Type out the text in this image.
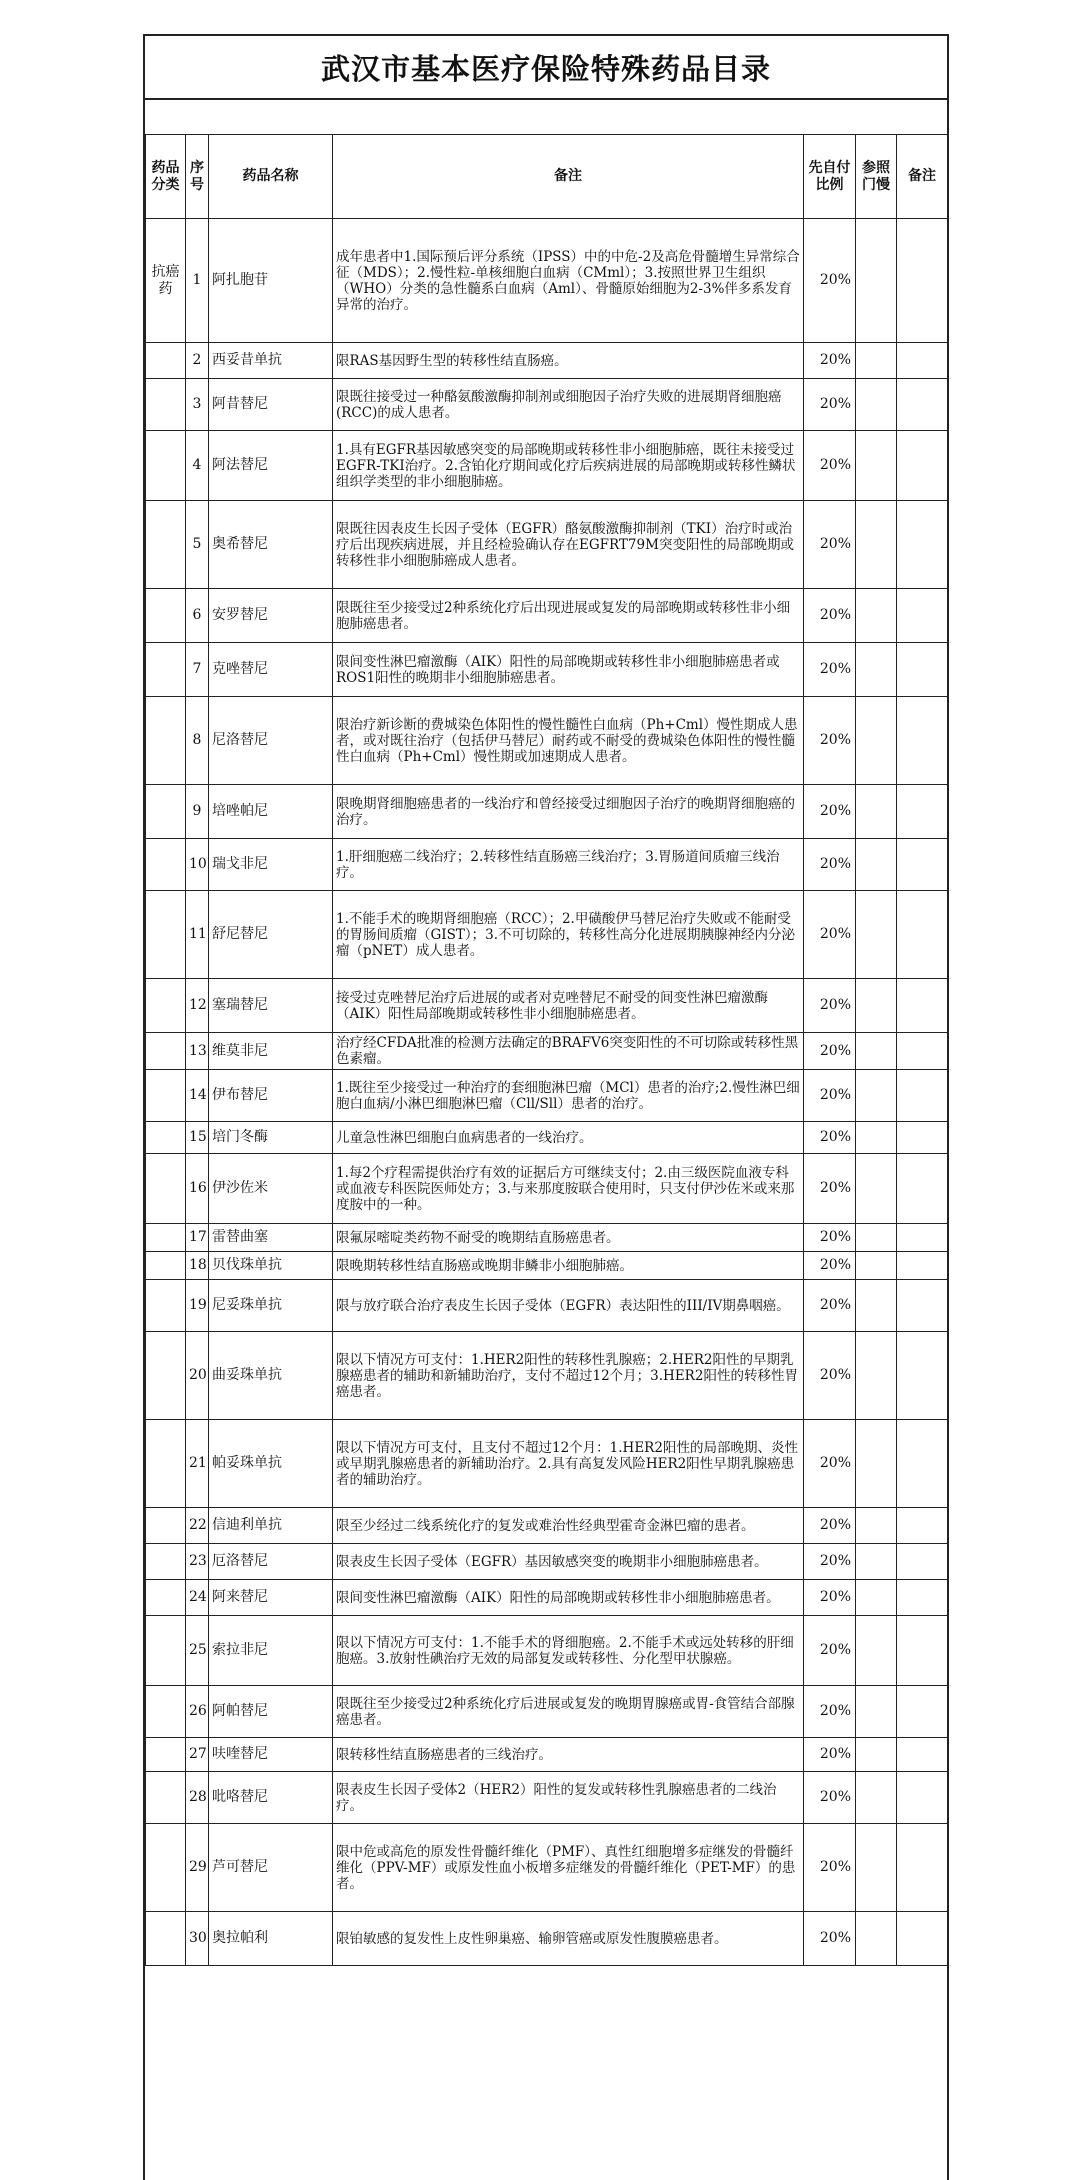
武汉市基本医疗保险特殊药品目录
药品分类	序号	药品名称	备注	先自付比例	参照门慢	备注
抗癌药	1	阿扎胞苷	成年患者中1.国际预后评分系统（IPSS）中的中危-2及高危骨髓增生异常综合征（MDS）；2.慢性粒-单核细胞白血病（CMml）；3.按照世界卫生组织（WHO）分类的急性髓系白血病（Aml）、骨髓原始细胞为2-3%伴多系发育异常的治疗。	20%		
	2	西妥昔单抗	限RAS基因野生型的转移性结直肠癌。	20%		
	3	阿昔替尼	限既往接受过一种酪氨酸激酶抑制剂或细胞因子治疗失败的进展期肾细胞癌(RCC)的成人患者。	20%		
	4	阿法替尼	1.具有EGFR基因敏感突变的局部晚期或转移性非小细胞肺癌，既往未接受过EGFR-TKI治疗。2.含铂化疗期间或化疗后疾病进展的局部晚期或转移性鳞状组织学类型的非小细胞肺癌。	20%		
	5	奥希替尼	限既往因表皮生长因子受体（EGFR）酪氨酸激酶抑制剂（TKI）治疗时或治疗后出现疾病进展，并且经检验确认存在EGFRT79M突变阳性的局部晚期或转移性非小细胞肺癌成人患者。	20%		
	6	安罗替尼	限既往至少接受过2种系统化疗后出现进展或复发的局部晚期或转移性非小细胞肺癌患者。	20%		
	7	克唑替尼	限间变性淋巴瘤激酶（AIK）阳性的局部晚期或转移性非小细胞肺癌患者或ROS1阳性的晚期非小细胞肺癌患者。	20%		
	8	尼洛替尼	限治疗新诊断的费城染色体阳性的慢性髓性白血病（Ph+Cml）慢性期成人患者，或对既往治疗（包括伊马替尼）耐药或不耐受的费城染色体阳性的慢性髓性白血病（Ph+Cml）慢性期或加速期成人患者。	20%		
	9	培唑帕尼	限晚期肾细胞癌患者的一线治疗和曾经接受过细胞因子治疗的晚期肾细胞癌的治疗。	20%		
	10	瑞戈非尼	1.肝细胞癌二线治疗；2.转移性结直肠癌三线治疗；3.胃肠道间质瘤三线治疗。	20%		
	11	舒尼替尼	1.不能手术的晚期肾细胞癌（RCC）；2.甲磺酸伊马替尼治疗失败或不能耐受的胃肠间质瘤（GIST）；3.不可切除的，转移性高分化进展期胰腺神经内分泌瘤（pNET）成人患者。	20%		
	12	塞瑞替尼	接受过克唑替尼治疗后进展的或者对克唑替尼不耐受的间变性淋巴瘤激酶（AIK）阳性局部晚期或转移性非小细胞肺癌患者。	20%		
	13	维莫非尼	治疗经CFDA批准的检测方法确定的BRAFV6突变阳性的不可切除或转移性黑色素瘤。	20%		
	14	伊布替尼	1.既往至少接受过一种治疗的套细胞淋巴瘤（MCl）患者的治疗;2.慢性淋巴细胞白血病/小淋巴细胞淋巴瘤（Cll/Sll）患者的治疗。	20%		
	15	培门冬酶	儿童急性淋巴细胞白血病患者的一线治疗。	20%		
	16	伊沙佐米	1.每2个疗程需提供治疗有效的证据后方可继续支付；2.由三级医院血液专科或血液专科医院医师处方；3.与来那度胺联合使用时，只支付伊沙佐米或来那度胺中的一种。	20%		
	17	雷替曲塞	限氟尿嘧啶类药物不耐受的晚期结直肠癌患者。	20%		
	18	贝伐珠单抗	限晚期转移性结直肠癌或晚期非鳞非小细胞肺癌。	20%		
	19	尼妥珠单抗	限与放疗联合治疗表皮生长因子受体（EGFR）表达阳性的III/IV期鼻咽癌。	20%		
	20	曲妥珠单抗	限以下情况方可支付：1.HER2阳性的转移性乳腺癌；2.HER2阳性的早期乳腺癌患者的辅助和新辅助治疗，支付不超过12个月；3.HER2阳性的转移性胃癌患者。	20%		
	21	帕妥珠单抗	限以下情况方可支付，且支付不超过12个月：1.HER2阳性的局部晚期、炎性或早期乳腺癌患者的新辅助治疗。2.具有高复发风险HER2阳性早期乳腺癌患者的辅助治疗。	20%		
	22	信迪利单抗	限至少经过二线系统化疗的复发或难治性经典型霍奇金淋巴瘤的患者。	20%		
	23	厄洛替尼	限表皮生长因子受体（EGFR）基因敏感突变的晚期非小细胞肺癌患者。	20%		
	24	阿来替尼	限间变性淋巴瘤激酶（AIK）阳性的局部晚期或转移性非小细胞肺癌患者。	20%		
	25	索拉非尼	限以下情况方可支付：1.不能手术的肾细胞癌。2.不能手术或远处转移的肝细胞癌。3.放射性碘治疗无效的局部复发或转移性、分化型甲状腺癌。	20%		
	26	阿帕替尼	限既往至少接受过2种系统化疗后进展或复发的晚期胃腺癌或胃-食管结合部腺癌患者。	20%		
	27	呋喹替尼	限转移性结直肠癌患者的三线治疗。	20%		
	28	吡咯替尼	限表皮生长因子受体2（HER2）阳性的复发或转移性乳腺癌患者的二线治疗。	20%		
	29	芦可替尼	限中危或高危的原发性骨髓纤维化（PMF）、真性红细胞增多症继发的骨髓纤维化（PPV-MF）或原发性血小板增多症继发的骨髓纤维化（PET-MF）的患者。	20%		
	30	奥拉帕利	限铂敏感的复发性上皮性卵巢癌、输卵管癌或原发性腹膜癌患者。	20%		
